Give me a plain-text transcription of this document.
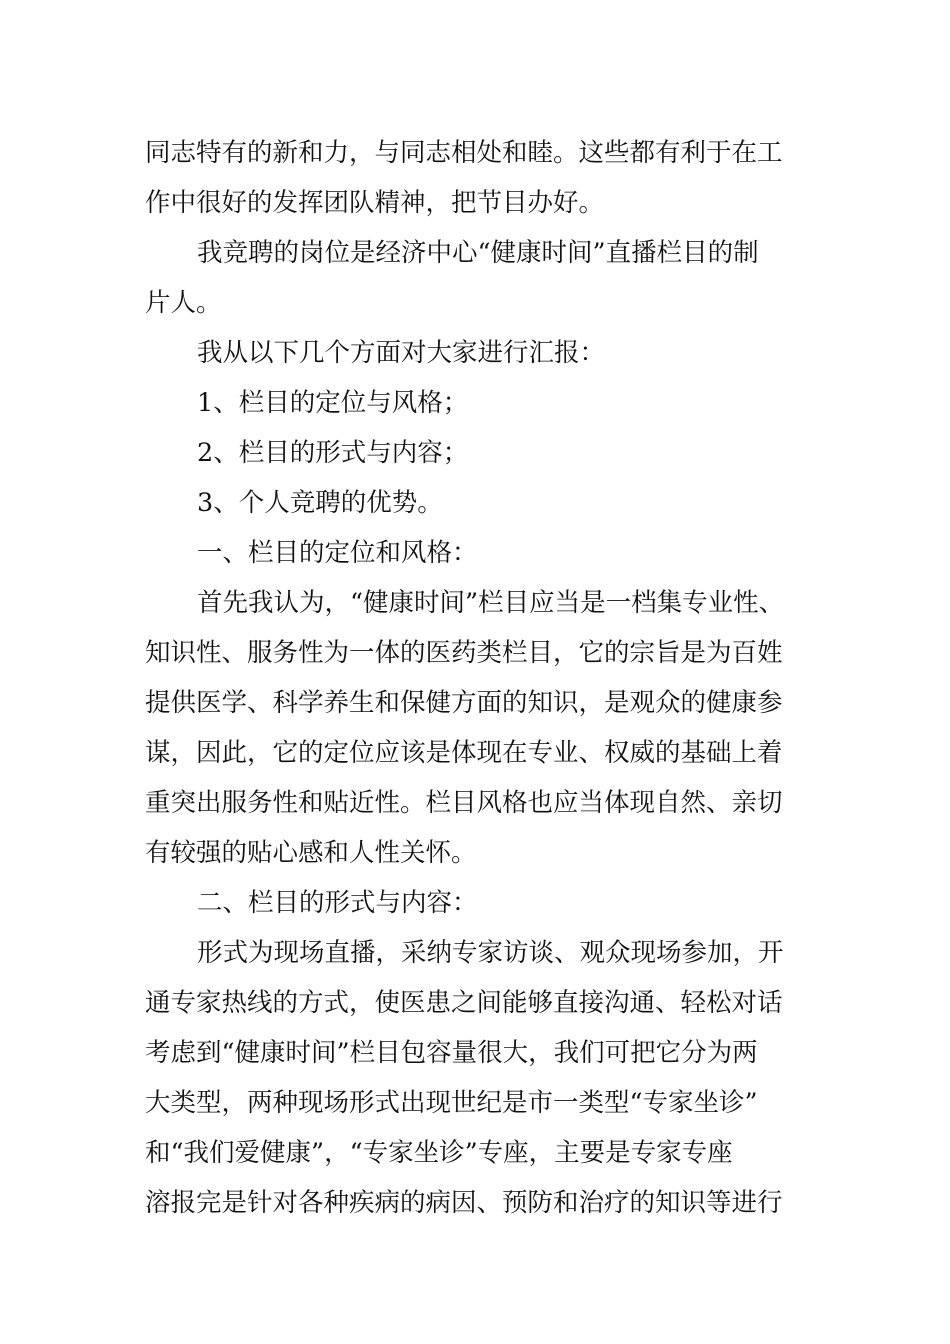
同志特有的新和力，与同志相处和睦。这些都有利于在工
作中很好的发挥团队精神，把节目办好。
我竞聘的岗位是经济中心“健康时间”直播栏目的制
片人。
我从以下几个方面对大家进行汇报：
1、栏目的定位与风格；
2、栏目的形式与内容；
3、个人竞聘的优势。
一、栏目的定位和风格：
首先我认为，“健康时间”栏目应当是一档集专业性、
知识性、服务性为一体的医药类栏目，它的宗旨是为百姓
提供医学、科学养生和保健方面的知识，是观众的健康参
谋，因此，它的定位应该是体现在专业、权威的基础上着
重突出服务性和贴近性。栏目风格也应当体现自然、亲切
有较强的贴心感和人性关怀。
二、栏目的形式与内容：
形式为现场直播，采纳专家访谈、观众现场参加，开
通专家热线的方式，使医患之间能够直接沟通、轻松对话
考虑到“健康时间”栏目包容量很大，我们可把它分为两
大类型，两种现场形式出现世纪是市一类型“专家坐诊”
和“我们爱健康”，“专家坐诊”专座，主要是专家专座
溶报完是针对各种疾病的病因、预防和治疗的知识等进行
